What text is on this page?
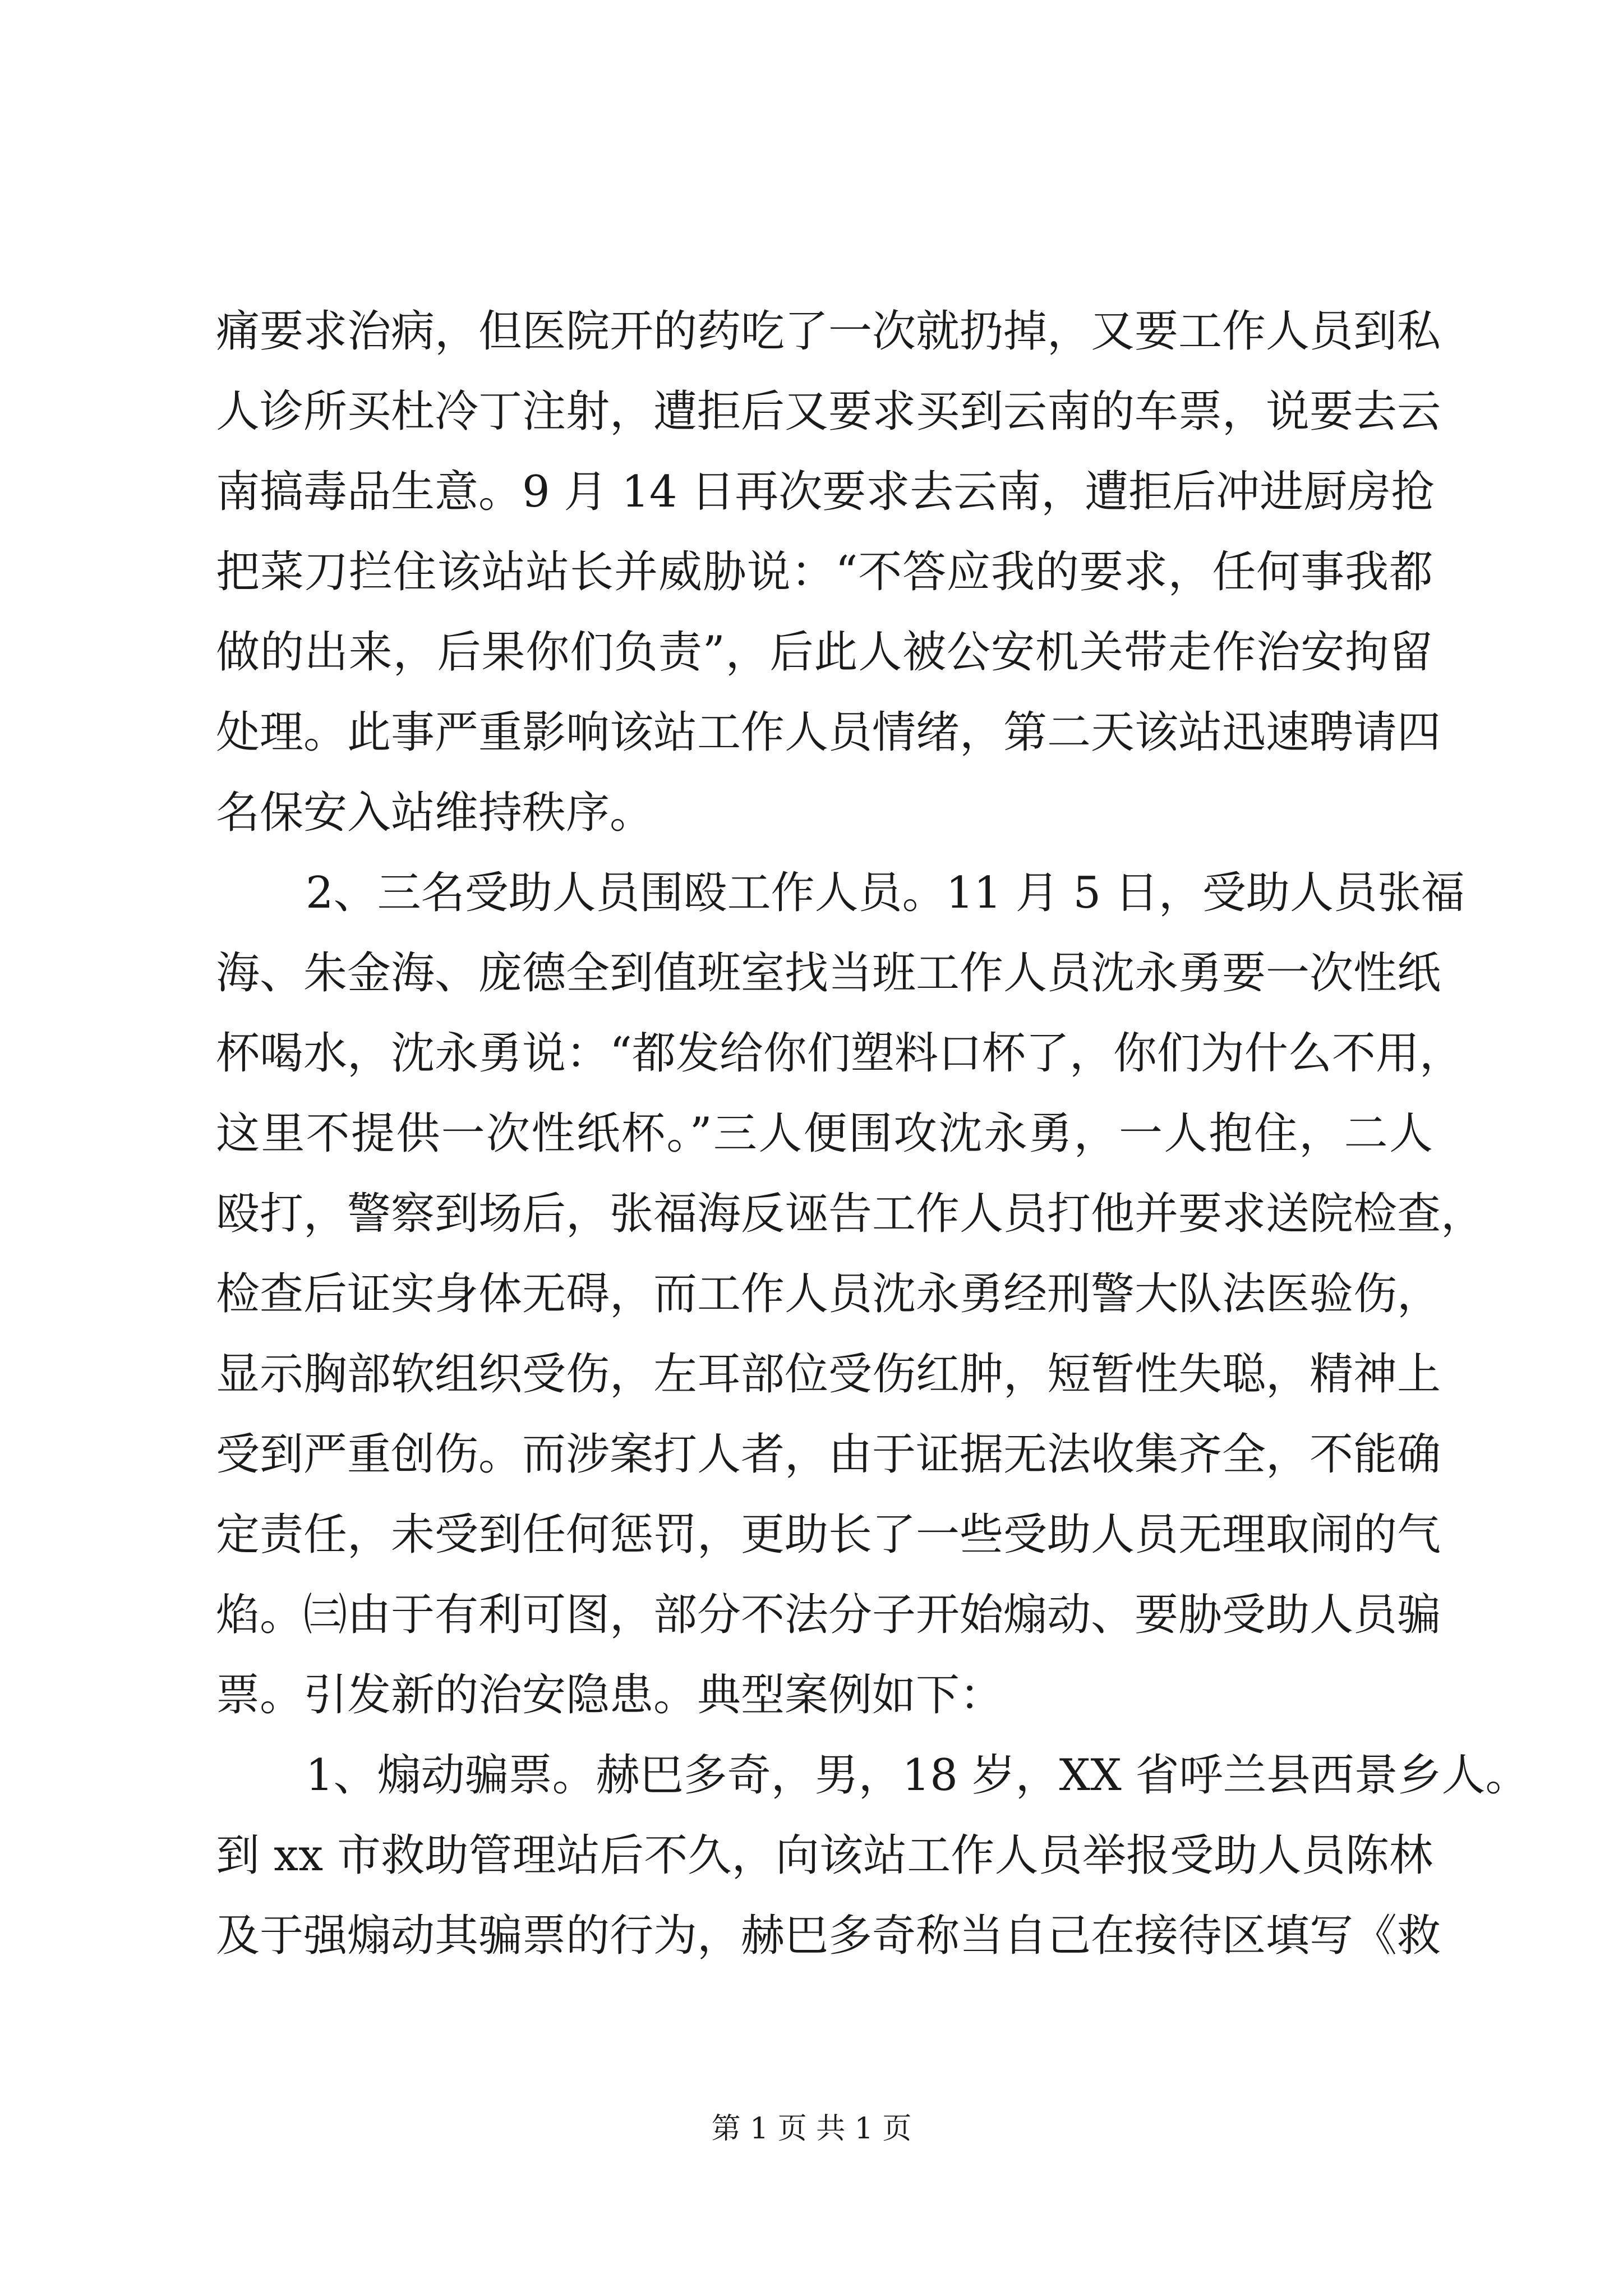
痛要求治病，但医院开的药吃了一次就扔掉，又要工作人员到私
人诊所买杜冷丁注射，遭拒后又要求买到云南的车票，说要去云
南搞毒品生意。9 月 14 日再次要求去云南，遭拒后冲进厨房抢
把菜刀拦住该站站长并威胁说：“不答应我的要求，任何事我都
做的出来，后果你们负责”，后此人被公安机关带走作治安拘留
处理。此事严重影响该站工作人员情绪，第二天该站迅速聘请四
名保安入站维持秩序。
2、三名受助人员围殴工作人员。11 月 5 日，受助人员张福
海、朱金海、庞德全到值班室找当班工作人员沈永勇要一次性纸
杯喝水，沈永勇说：“都发给你们塑料口杯了，你们为什么不用，
这里不提供一次性纸杯。”三人便围攻沈永勇，一人抱住，二人
殴打，警察到场后，张福海反诬告工作人员打他并要求送院检查，
检查后证实身体无碍，而工作人员沈永勇经刑警大队法医验伤，
显示胸部软组织受伤，左耳部位受伤红肿，短暂性失聪，精神上
受到严重创伤。而涉案打人者，由于证据无法收集齐全，不能确
定责任，未受到任何惩罚，更助长了一些受助人员无理取闹的气
焰。㈢由于有利可图，部分不法分子开始煽动、要胁受助人员骗
票。引发新的治安隐患。典型案例如下：
1、煽动骗票。赫巴多奇，男，18 岁，XX 省呼兰县西景乡人。
到 xx 市救助管理站后不久，向该站工作人员举报受助人员陈林
及于强煽动其骗票的行为，赫巴多奇称当自己在接待区填写《救
第 1 页 共 1 页
